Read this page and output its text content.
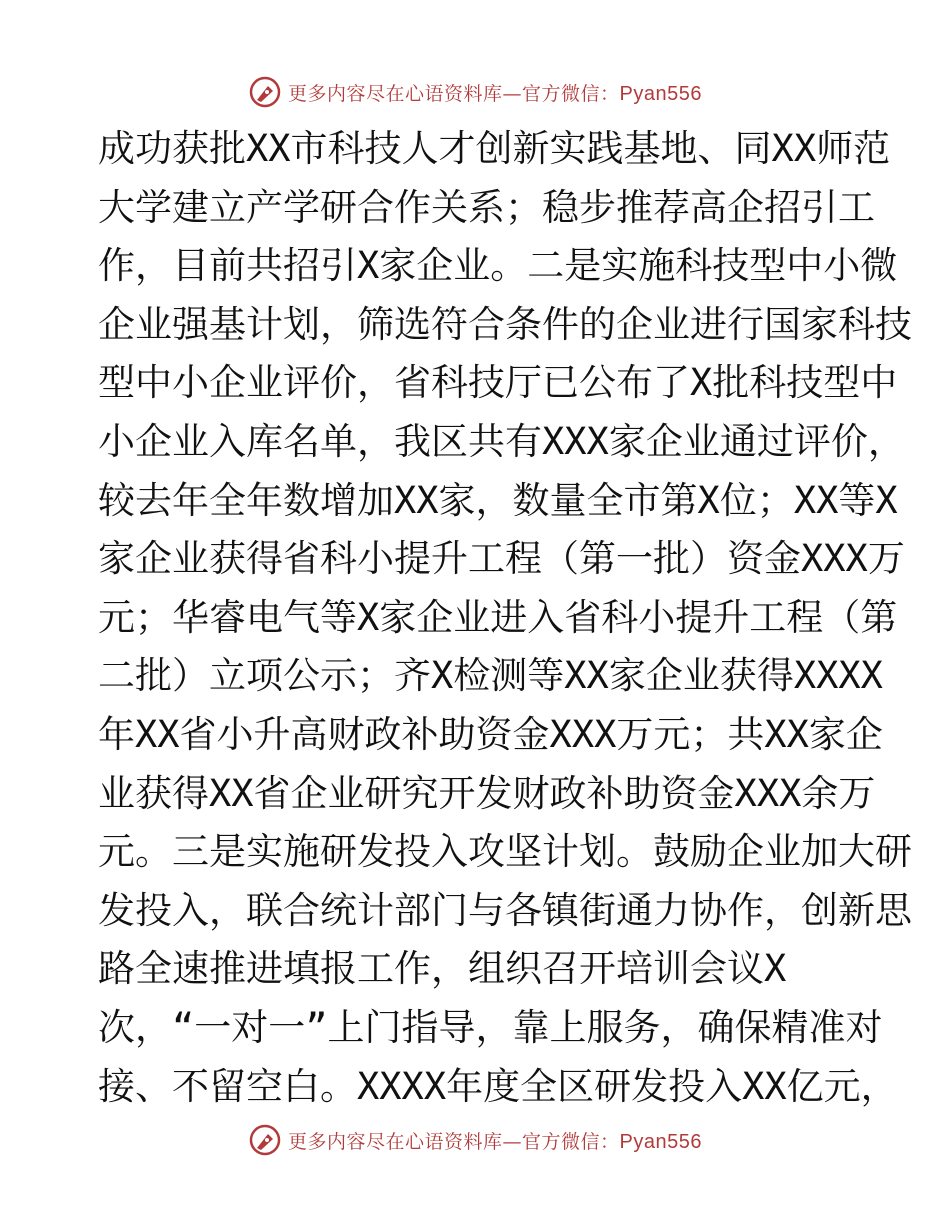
更多内容尽在心语资料库—官方微信：Pyan556
成功获批XX市科技人才创新实践基地、同XX师范
大学建立产学研合作关系；稳步推荐高企招引工
作，目前共招引X家企业。二是实施科技型中小微
企业强基计划，筛选符合条件的企业进行国家科技
型中小企业评价，省科技厅已公布了X批科技型中
小企业入库名单，我区共有XXX家企业通过评价，
较去年全年数增加XX家，数量全市第X位；XX等X
家企业获得省科小提升工程（第一批）资金XXX万
元；华睿电气等X家企业进入省科小提升工程（第
二批）立项公示；齐X检测等XX家企业获得XXXX
年XX省小升高财政补助资金XXX万元；共XX家企
业获得XX省企业研究开发财政补助资金XXX余万
元。三是实施研发投入攻坚计划。鼓励企业加大研
发投入，联合统计部门与各镇街通力协作，创新思
路全速推进填报工作，组织召开培训会议X
次，“一对一”上门指导，靠上服务，确保精准对
接、不留空白。XXXX年度全区研发投入XX亿元，
更多内容尽在心语资料库—官方微信：Pyan556
